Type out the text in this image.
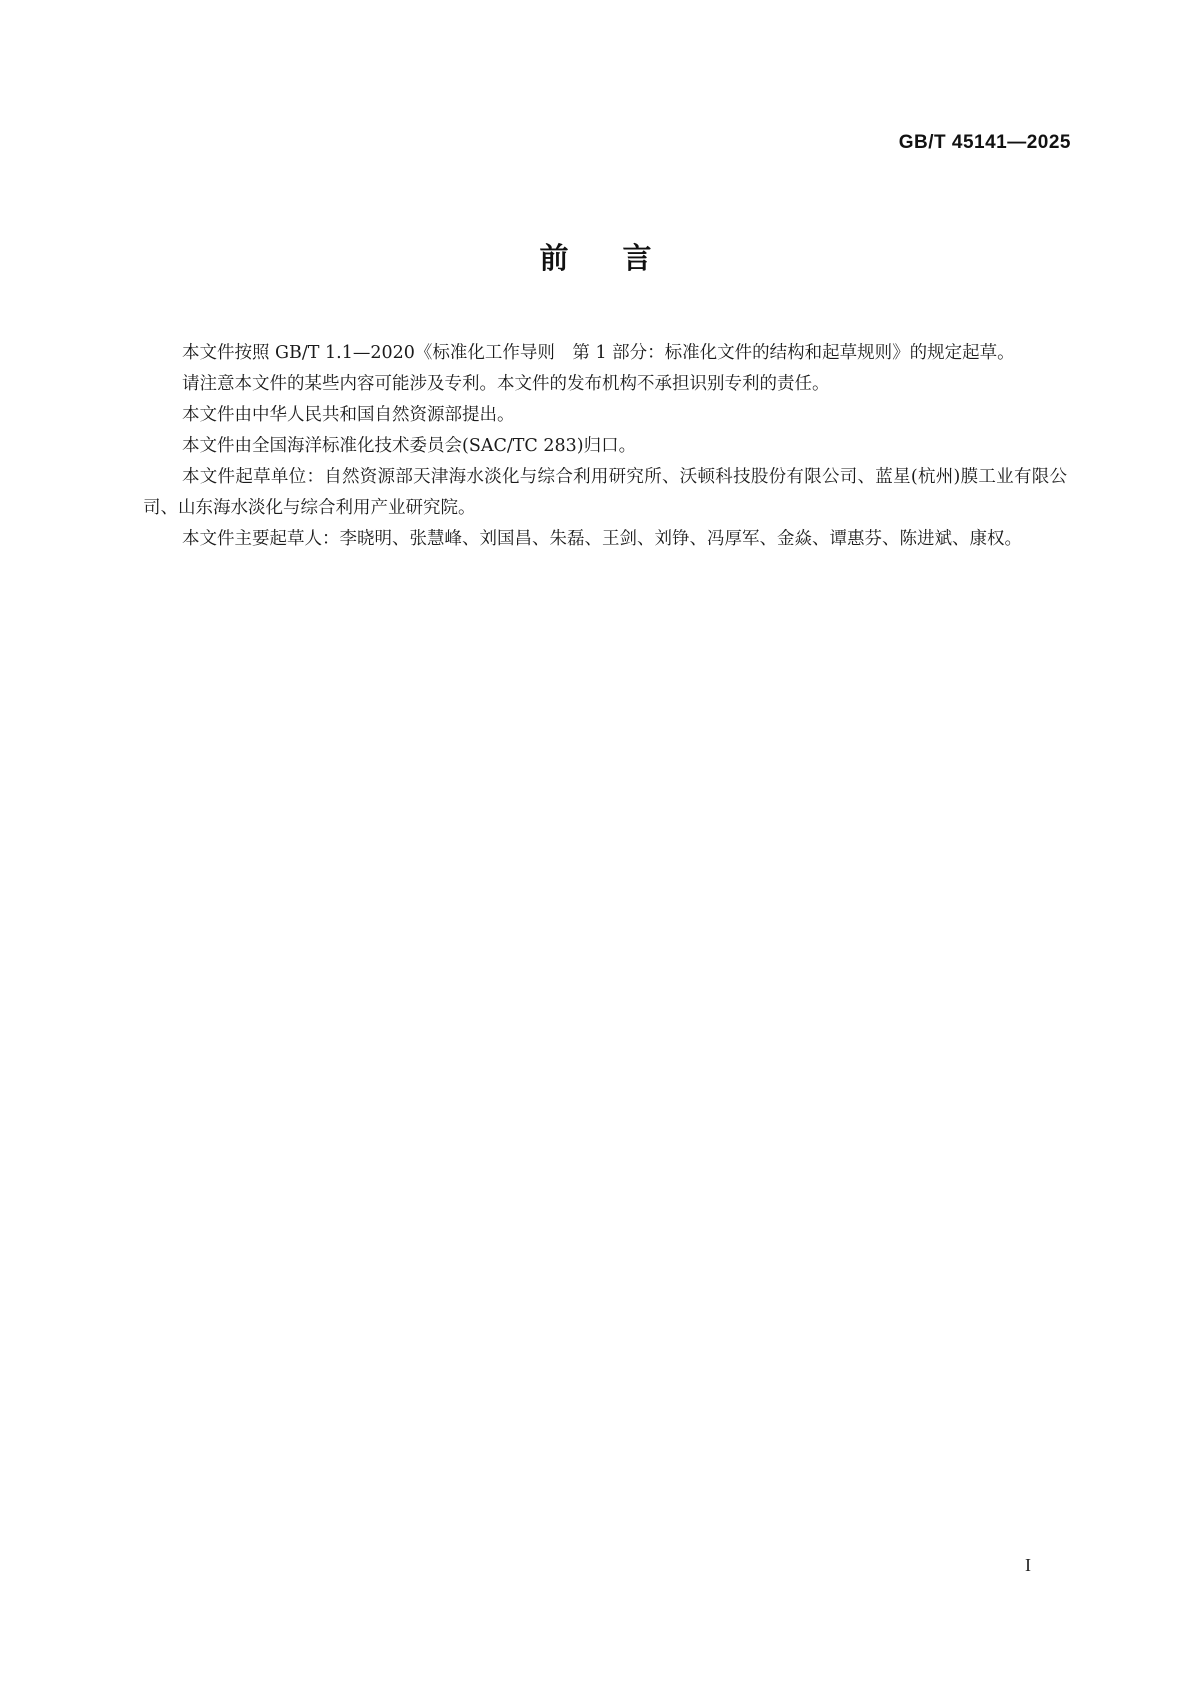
GB/T 45141—2025
前言

本文件按照 GB/T 1.1—2020《标准化工作导则　第 1 部分：标准化文件的结构和起草规则》的规定起草。

请注意本文件的某些内容可能涉及专利。本文件的发布机构不承担识别专利的责任。

本文件由中华人民共和国自然资源部提出。

本文件由全国海洋标准化技术委员会(SAC/TC 283)归口。

本文件起草单位：自然资源部天津海水淡化与综合利用研究所、沃顿科技股份有限公司、蓝星(杭州)膜工业有限公司、山东海水淡化与综合利用产业研究院。

本文件主要起草人：李晓明、张慧峰、刘国昌、朱磊、王剑、刘铮、冯厚军、金焱、谭惠芬、陈进斌、康权。

I
